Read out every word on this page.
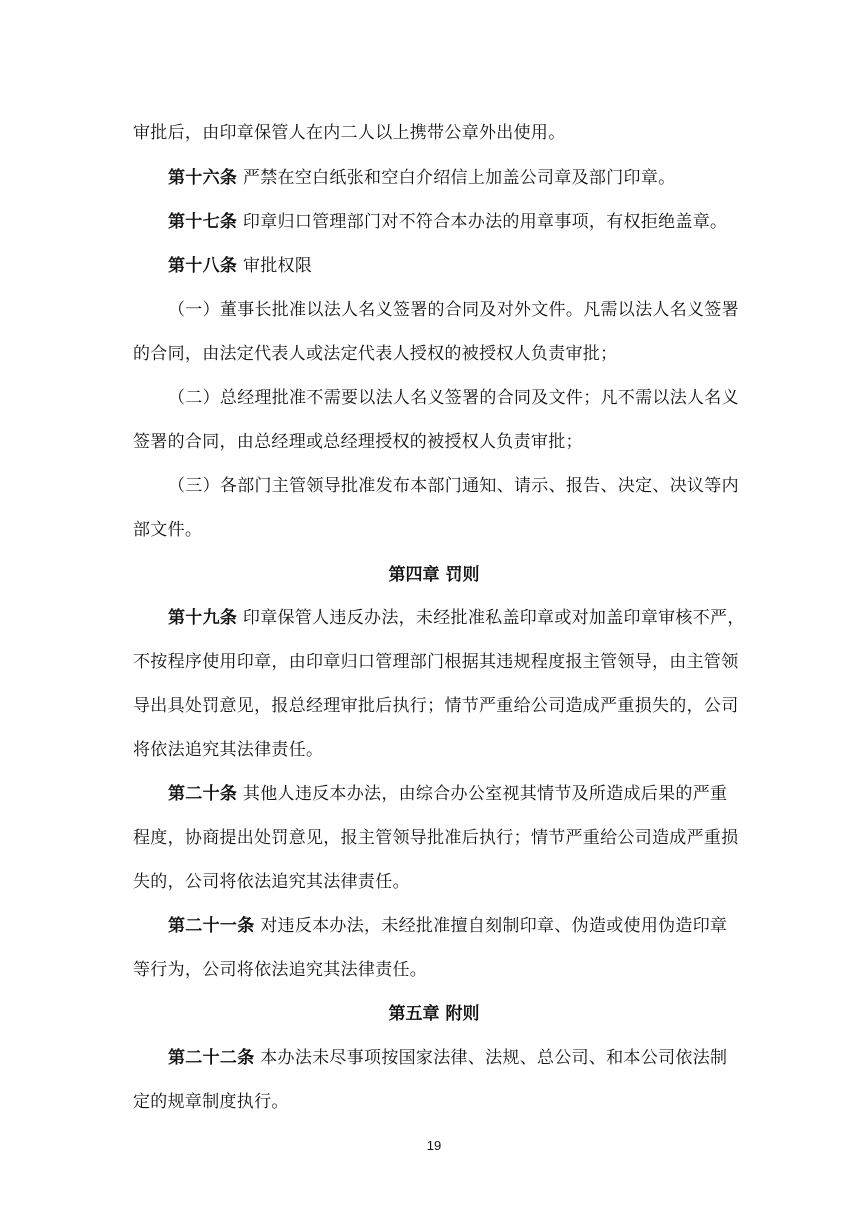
审批后，由印章保管人在内二人以上携带公章外出使用。
第十六条 严禁在空白纸张和空白介绍信上加盖公司章及部门印章。
第十七条 印章归口管理部门对不符合本办法的用章事项，有权拒绝盖章。
第十八条 审批权限
（一）董事长批准以法人名义签署的合同及对外文件。凡需以法人名义签署
的合同，由法定代表人或法定代表人授权的被授权人负责审批；
（二）总经理批准不需要以法人名义签署的合同及文件；凡不需以法人名义
签署的合同，由总经理或总经理授权的被授权人负责审批；
（三）各部门主管领导批准发布本部门通知、请示、报告、决定、决议等内
部文件。
第四章 罚则
第十九条 印章保管人违反办法，未经批准私盖印章或对加盖印章审核不严，
不按程序使用印章，由印章归口管理部门根据其违规程度报主管领导，由主管领
导出具处罚意见，报总经理审批后执行；情节严重给公司造成严重损失的，公司
将依法追究其法律责任。
第二十条 其他人违反本办法，由综合办公室视其情节及所造成后果的严重
程度，协商提出处罚意见，报主管领导批准后执行；情节严重给公司造成严重损
失的，公司将依法追究其法律责任。
第二十一条 对违反本办法，未经批准擅自刻制印章、伪造或使用伪造印章
等行为，公司将依法追究其法律责任。
第五章 附则
第二十二条 本办法未尽事项按国家法律、法规、总公司、和本公司依法制
定的规章制度执行。
19
